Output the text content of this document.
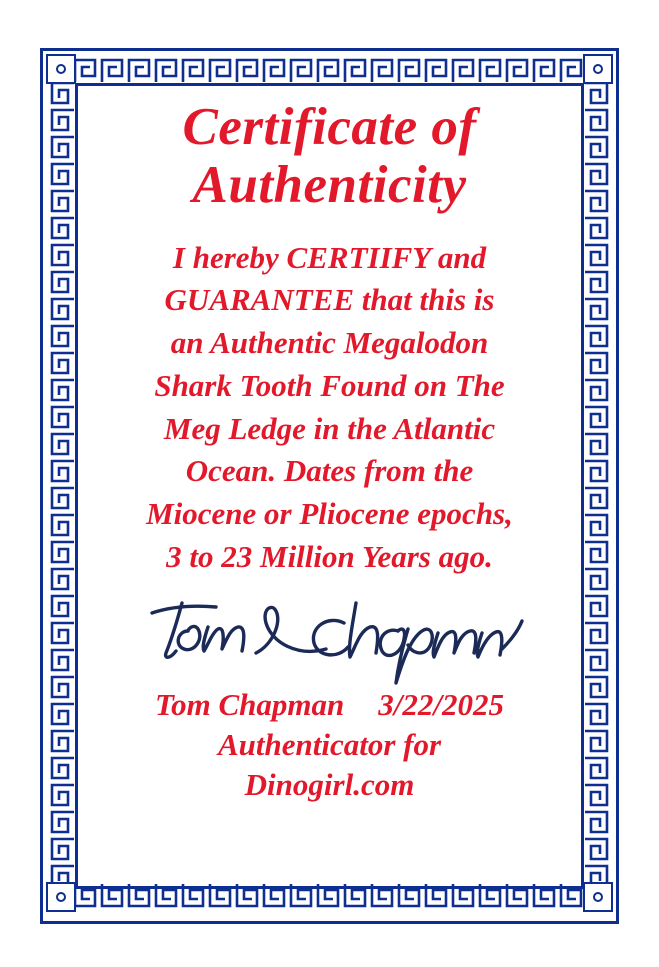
Certificate of
Authenticity
I hereby CERTIIFY and
GUARANTEE that this is
an Authentic Megalodon
Shark Tooth Found on The
Meg Ledge in the Atlantic
Ocean. Dates from the
Miocene or Pliocene epochs,
3 to 23 Million Years ago.
Tom Chapman 3/22/2025
Authenticator for
Dinogirl.com
